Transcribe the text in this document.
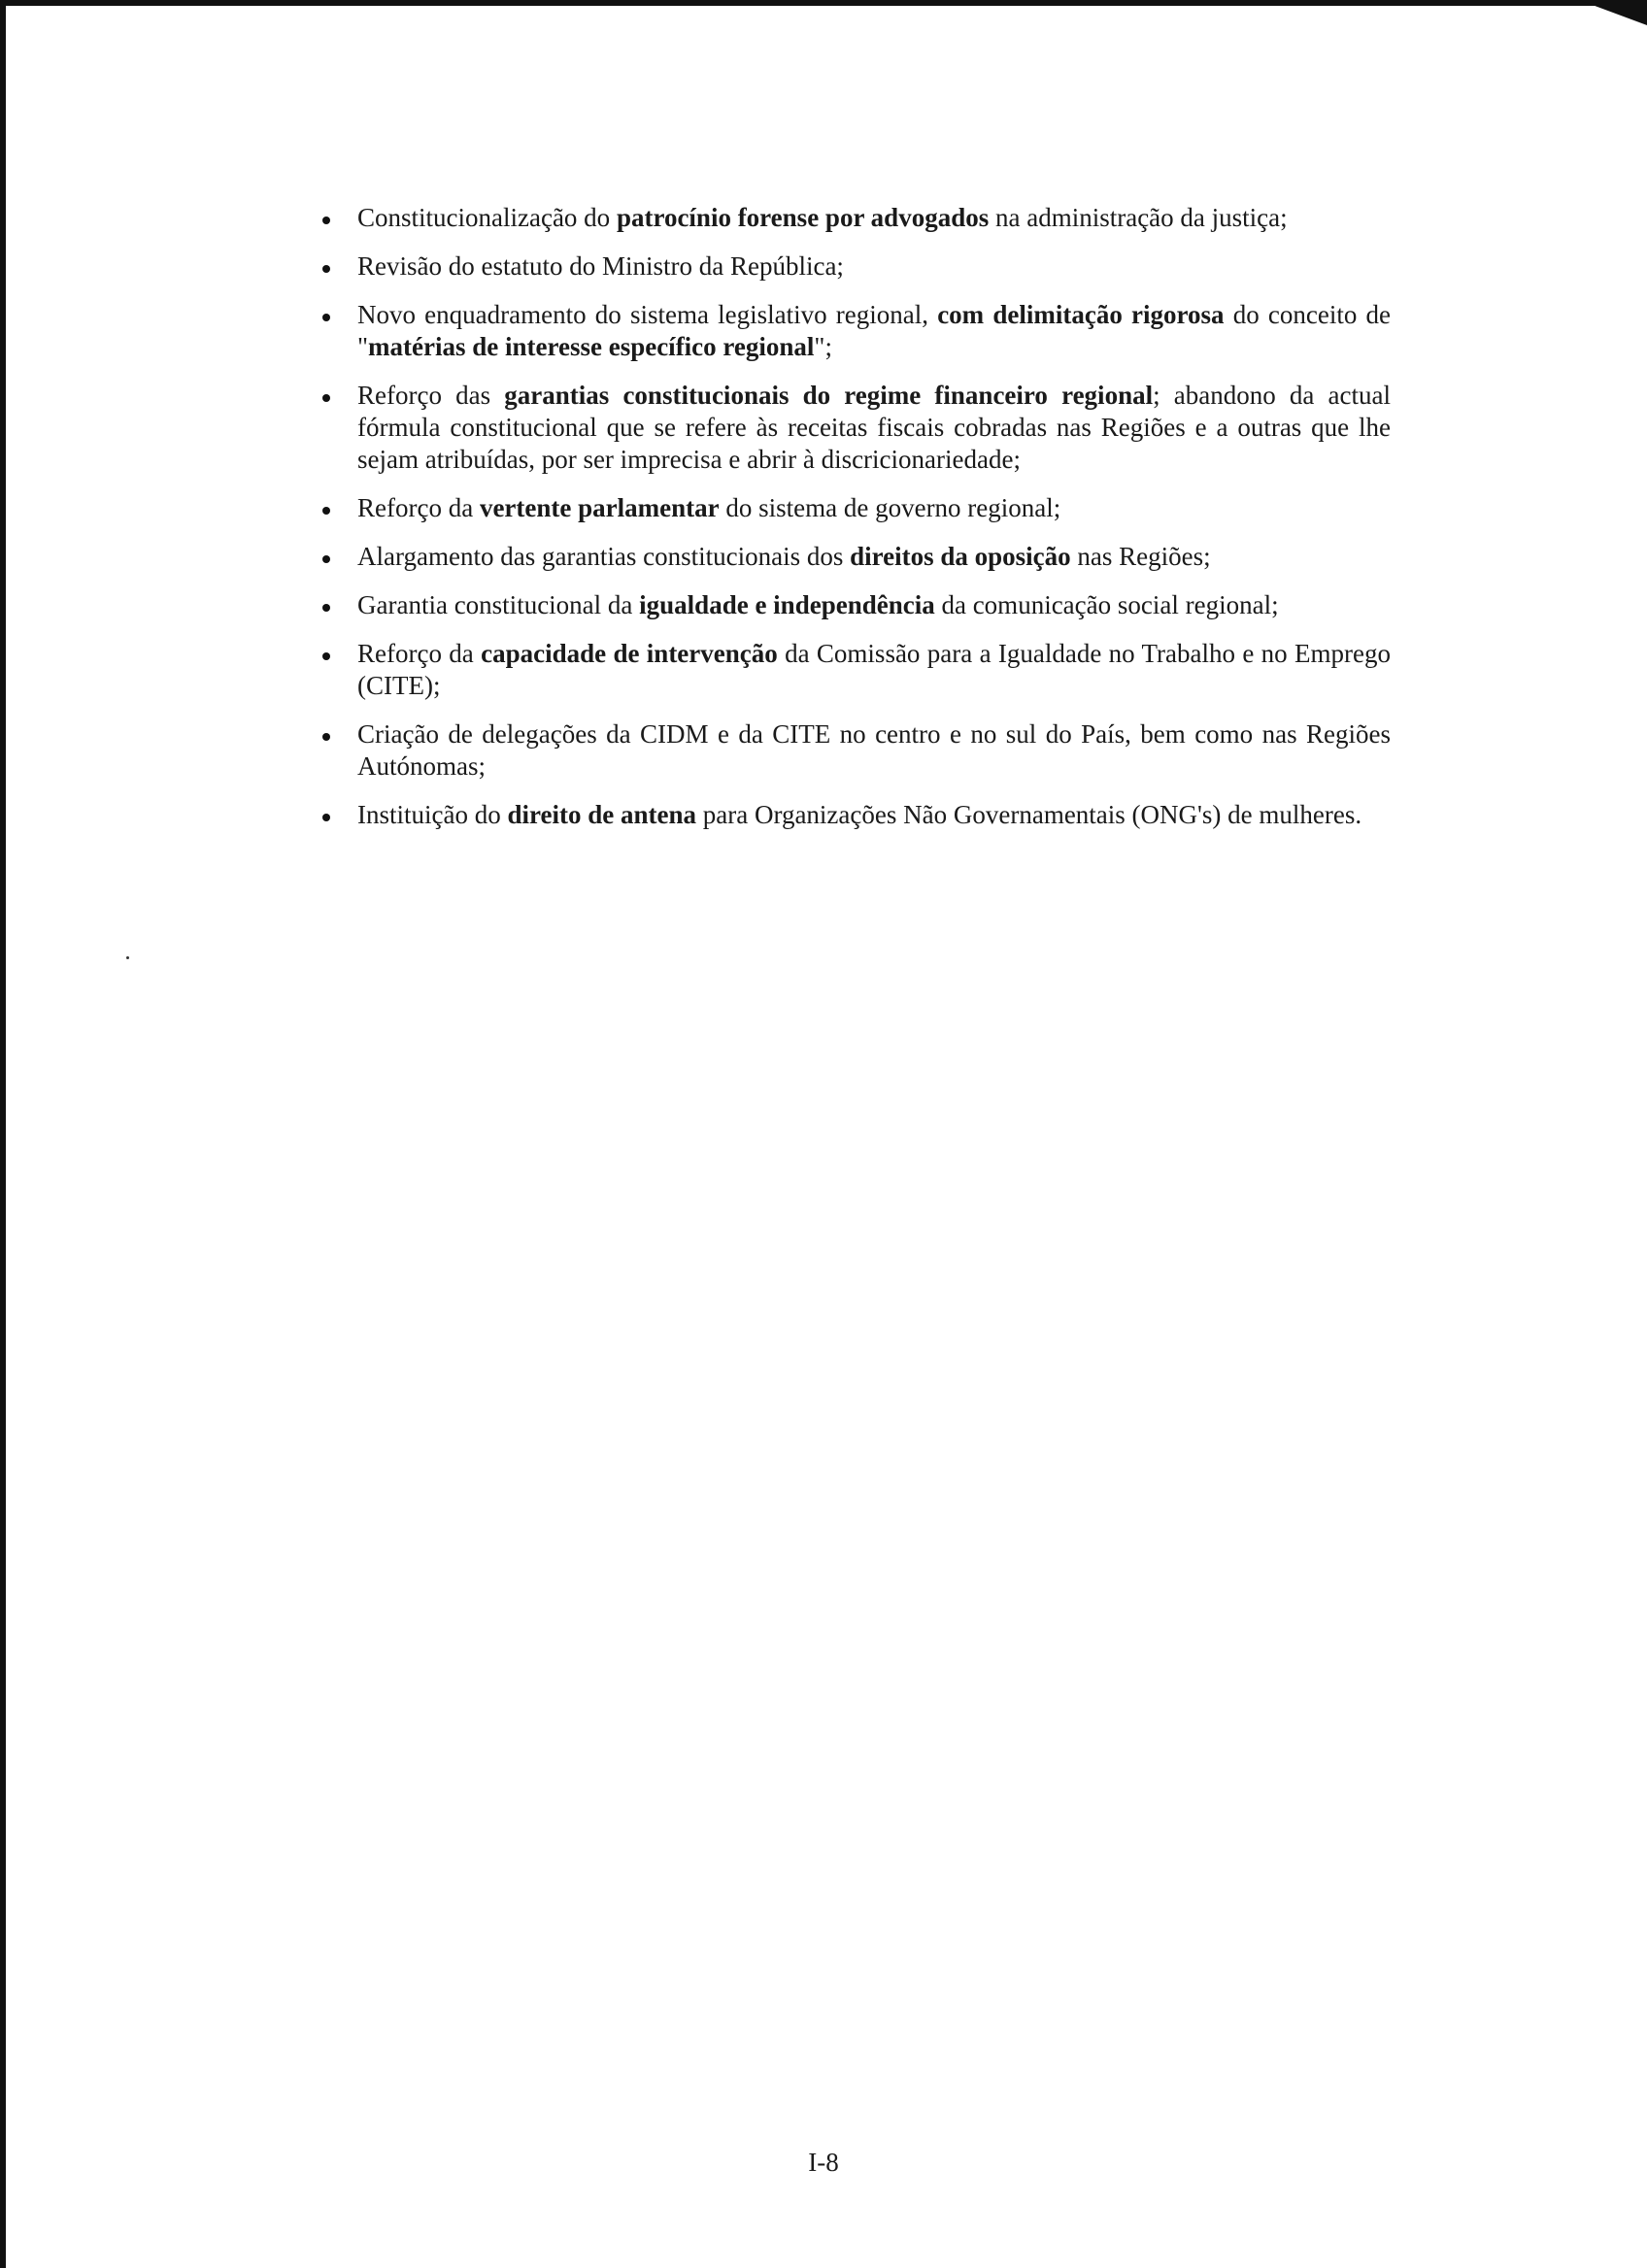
Constitucionalização do patrocínio forense por advogados na administração da justiça;
Revisão do estatuto do Ministro da República;
Novo enquadramento do sistema legislativo regional, com delimitação rigorosa do conceito de "matérias de interesse específico regional";
Reforço das garantias constitucionais do regime financeiro regional; abandono da actual fórmula constitucional que se refere às receitas fiscais cobradas nas Regiões e a outras que lhe sejam atribuídas, por ser imprecisa e abrir à discricionariedade;
Reforço da vertente parlamentar do sistema de governo regional;
Alargamento das garantias constitucionais dos direitos da oposição nas Regiões;
Garantia constitucional da igualdade e independência da comunicação social regional;
Reforço da capacidade de intervenção da Comissão para a Igualdade no Trabalho e no Emprego (CITE);
Criação de delegações da CIDM e da CITE no centro e no sul do País, bem como nas Regiões Autónomas;
Instituição do direito de antena para Organizações Não Governamentais (ONG's) de mulheres.
I-8
